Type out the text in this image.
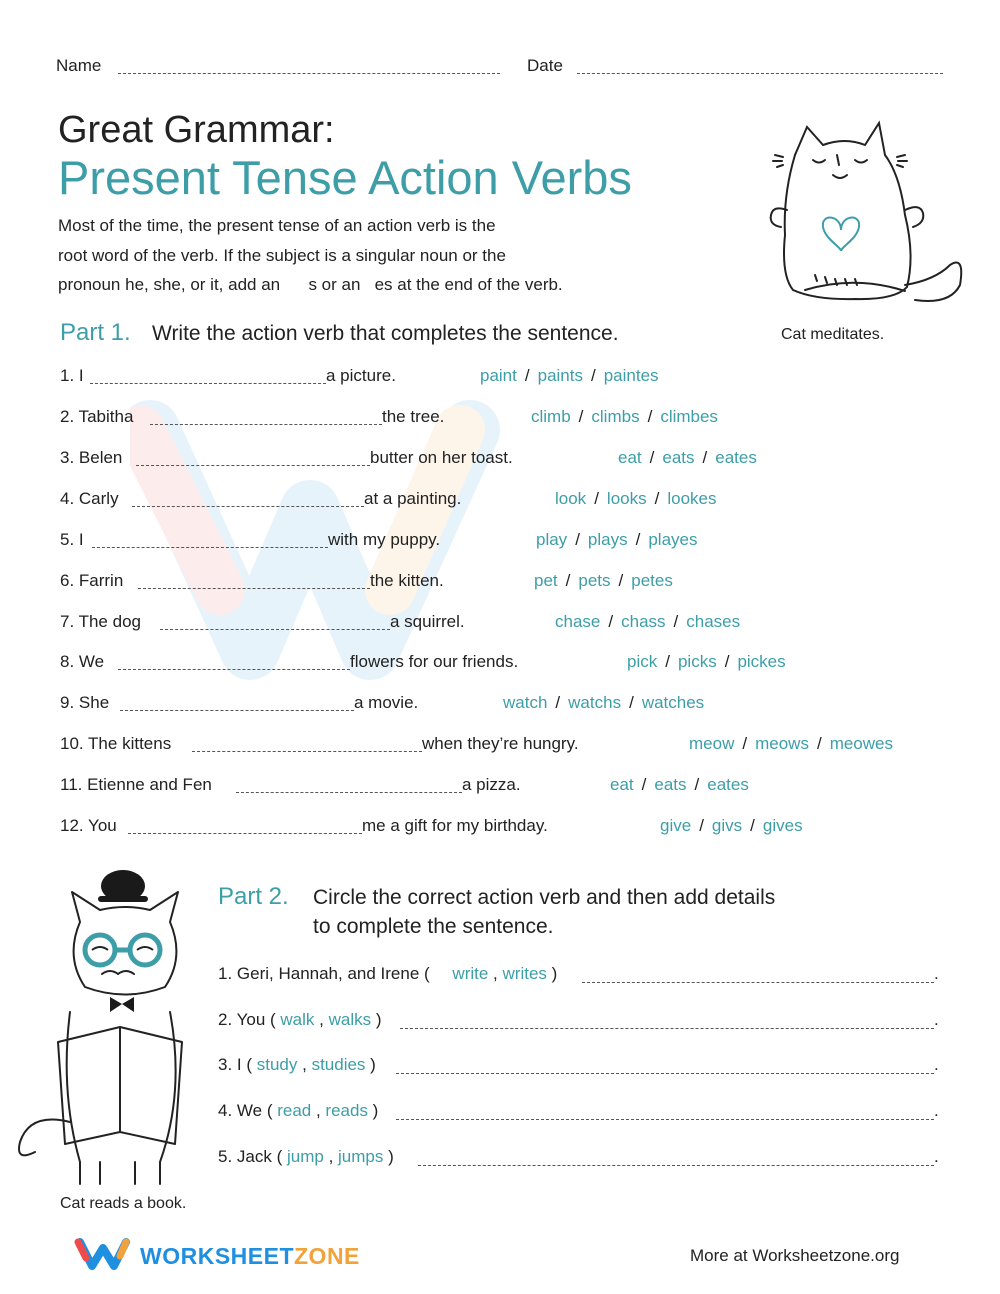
Name	Date
Great Grammar:
Present Tense Action Verbs
Most of the time, the present tense of an action verb is the
root word of the verb. If the subject is a singular noun or the
pronoun he, she, or it, add an      s or an   es at the end of the verb.
Cat meditates.
Part 1. Write the action verb that completes the sentence.
1. I	a picture.	paint / paints / paintes
2. Tabitha	the tree.	climb / climbs / climbes
3. Belen	butter on her toast.	eat / eats / eates
4. Carly	at a painting.	look / looks / lookes
5. I	with my puppy.	play / plays / playes
6. Farrin	the kitten.	pet / pets / petes
7. The dog	a squirrel.	chase / chass / chases
8. We	flowers for our friends.	pick / picks / pickes
9. She	a movie.	watch / watchs / watches
10. The kittens	when they’re hungry.	meow / meows / meowes
11. Etienne and Fen	a pizza.	eat / eats / eates
12. You	me a gift for my birthday.	give / givs / gives
Cat reads a book.
Part 2. Circle the correct action verb and then add details
to complete the sentence.
1. Geri, Hannah, and Irene ( write , writes )	.
2. You ( walk , walks )	.
3. I ( study , studies )	.
4. We ( read , reads )	.
5. Jack ( jump , jumps )	.
WORKSHEETZONE	More at Worksheetzone.org
